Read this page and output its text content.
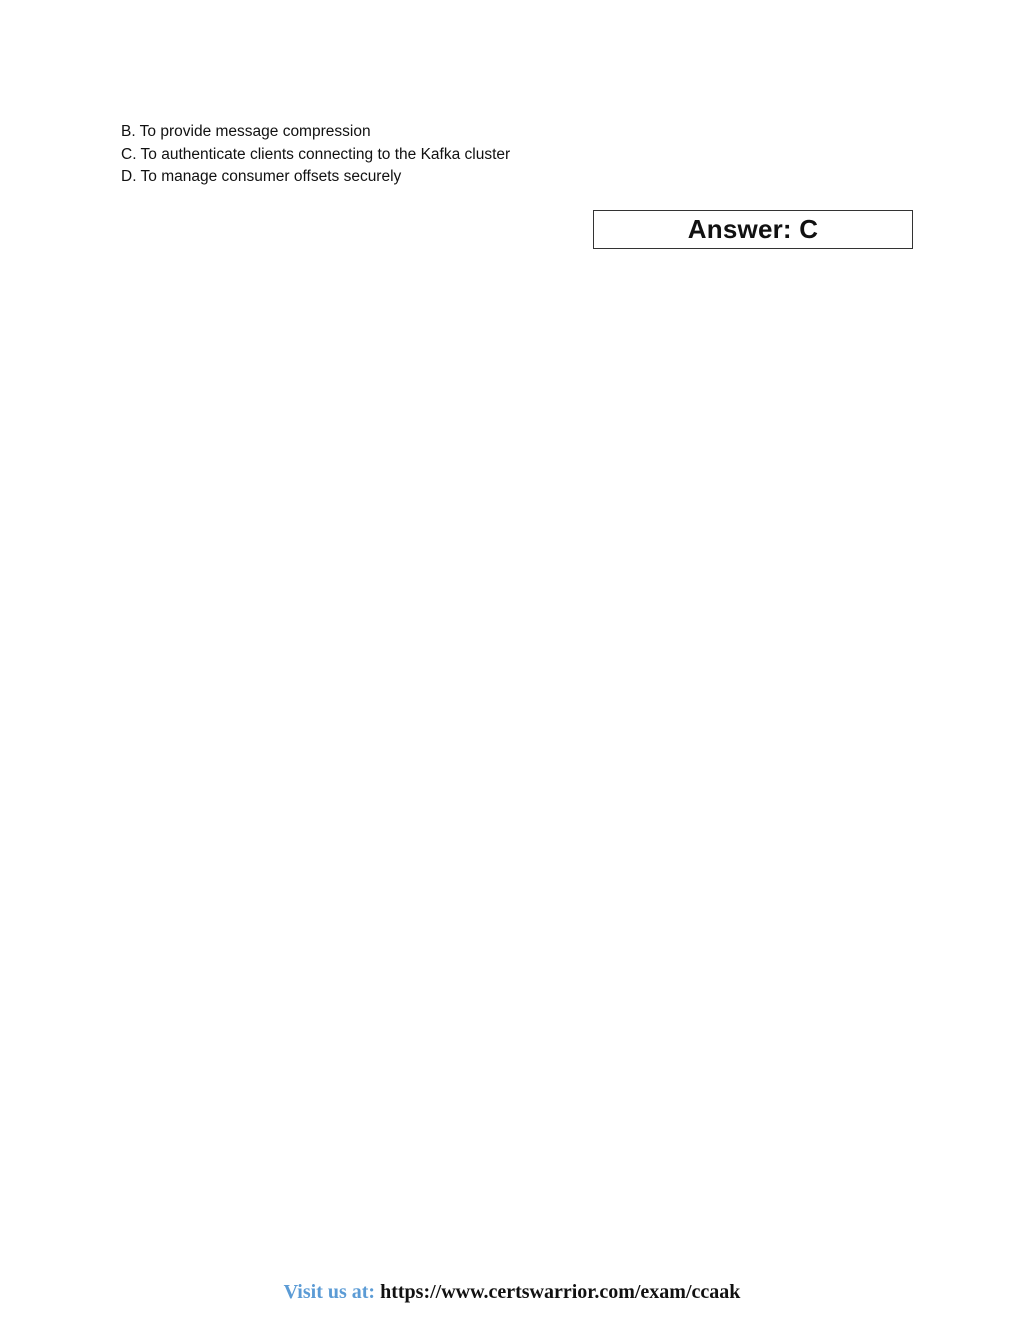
B. To provide message compression
C. To authenticate clients connecting to the Kafka cluster
D. To manage consumer offsets securely
Answer: C
Visit us at: https://www.certswarrior.com/exam/ccaak
